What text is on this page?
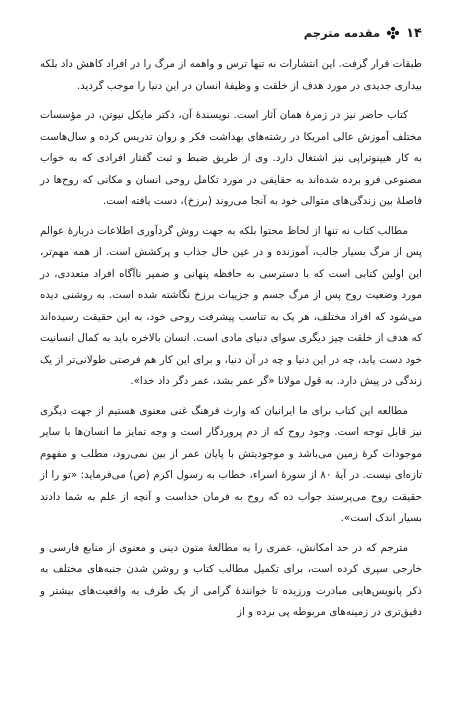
۱۴
مقدمه مترجم

طبقات قرار گرفت. این انتشارات نه تنها ترس و واهمه از مرگ را در افراد کاهش داد بلکه بیداری جدیدی در مورد هدف از خلقت و وظیفهٔ انسان در این دنیا را موجب گردید.

کتاب حاضر نیز در زمرهٔ همان آثار است. نویسندهٔ آن، دکتر مایکل نیوتن، در مؤسسات مختلف آموزش عالی امریکا در رشته‌های بهداشت فکر و روان تدریس کرده و سال‌هاست به کار هیپنوتراپی نیز اشتغال دارد. وی از طریق ضبط و ثبت گفتار افرادی که به خواب مصنوعی فرو برده شده‌اند به حقایقی در مورد تکامل روحی انسان و مکانی که روح‌ها در فاصلهٔ بین زندگی‌های متوالی خود به آنجا می‌روند (برزخ)، دست یافته است.

مطالب کتاب نه تنها از لحاظ محتوا بلکه به جهت روش گردآوری اطلاعات دربارهٔ عوالم پس از مرگ بسیار جالب، آموزنده و در عین حال جذاب و پرکشش است. از همه مهم‌تر، این اولین کتابی است که با دسترسی به حافظه پنهانی و ضمیر ناآگاه افراد متعددی، در مورد وضعیت روح پس از مرگ جسم و جزییات برزخ نگاشته شده است. به روشنی دیده می‌شود که افراد مختلف، هر یک به تناسب پیشرفت روحی خود، به این حقیقت رسیده‌اند که هدف از خلقت چیز دیگری سوای دنیای مادی است. انسان بالاخره باید به کمال انسانیت خود دست یابد، چه در این دنیا و چه در آن دنیا، و برای این کار هم فرصتی طولانی‌تر از یک زندگی در پیش دارد. به قول مولانا «گر عمر بشد، عمر دگر داد خدا».

مطالعه این کتاب برای ما ایرانیان که وارث فرهنگ غنی معنوی هستیم از جهت دیگری نیز قابل توجه است. وجود روح که از دم پروردگار است و وجه تمایز ما انسان‌ها با سایر موجودات کرهٔ زمین می‌باشد و موجودیتش با پایان عمر از بین نمی‌رود، مطلب و مفهوم تازه‌ای نیست. در آیهٔ ۸۰ از سورهٔ اسراء، خطاب به رسول اکرم (ص) می‌فرماید: «تو را از حقیقت روح می‌پرسند جواب ده که روح به فرمان خداست و آنچه از علم به شما دادند بسیار اندک است».

مترجم که در حد امکانش، عمری را به مطالعهٔ متون دینی و معنوی از منابع فارسی و خارجی سپری کرده است، برای تکمیل مطالب کتاب و روشن شدن جنبه‌های مختلف به ذکر پانویس‌هایی مبادرت ورزیده تا خوانندهٔ گرامی از یک طرف به واقعیت‌های بیشتر و دقیق‌تری در زمینه‌های مربوطه پی برده و از
